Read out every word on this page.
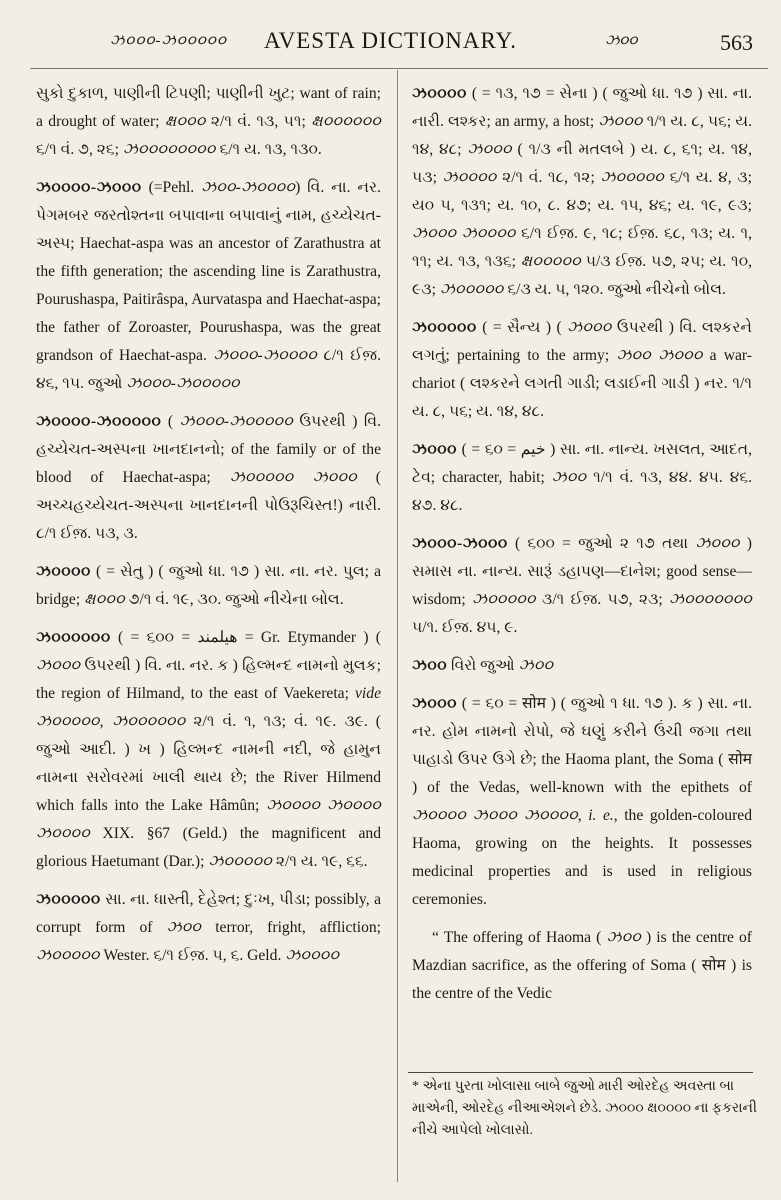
ઝ૦૦૦-ઝ૦૦૦૦૦	AVESTA DICTIONARY.	ઝ૦૦	563

સુકો દુકાળ, પાણીની ટિપણી; પાણીની ખુટ; want of rain; a drought of water; ક્ષ૦૦૦ ૨/૧ વં. ૧૩, ૫૧; ક્ષ૦૦૦૦૦૦ ૬/૧ વં. ૭, ૨૬; ઝ૦૦૦૦૦૦૦૦ ૬/૧ ય. ૧૩, ૧૩૦.

ઝ૦૦૦૦-ઝ૦૦૦ (=Pehl. ઝ૦૦-ઝ૦૦૦૦) વિ. ના. નર. પેગમબર જરતોશ્તના બપાવાના બપાવાનું નામ, હચ્યેચત-અસ્પ; Haechat-aspa was an ancestor of Zarathustra at the fifth generation; the ascending line is Zarathustra, Pourushaspa, Paitirâspa, Aurvataspa and Haechat-aspa; the father of Zoroaster, Pourushaspa, was the great grandson of Haechat-aspa. ઝ૦૦૦-ઝ૦૦૦૦ ૮/૧ ઈજ઼. ૪૬, ૧૫. જુઓ ઝ૦૦૦-ઝ૦૦૦૦૦

ઝ૦૦૦૦-ઝ૦૦૦૦૦ ( ઝ૦૦૦-ઝ૦૦૦૦૦ ઉપરથી ) વિ. હચ્યેચત-અસ્પના ખાનદાનનો; of the family or of the blood of Haechat-aspa; ઝ૦૦૦૦૦ ઝ૦૦૦ ( અચ્ચહચ્યેચત-અસ્પના ખાનદાનની પોઉરૂચિસ્ત!) નારી. ૮/૧ ઈજ઼. ૫૩, ૩.

ઝ૦૦૦૦ ( = સેતુ ) ( જુઓ ધા. ૧૭ ) સા. ના. નર. પુલ; a bridge; ક્ષ૦૦૦ ૭/૧ વં. ૧૯, ૩૦. જુઓ નીચેના બોલ.

ઝ૦૦૦૦૦૦ ( = ૬૦૦ = هیلمند = Gr. Etymander ) ( ઝ૦૦૦ ઉપરથી ) વિ. ના. નર. ક ) હિલ્મન્દ નામનો મુલક; the region of Hilmand, to the east of Vaekereta; vide ઝ૦૦૦૦૦, ઝ૦૦૦૦૦૦ ૨/૧ વં. ૧, ૧૩; વં. ૧૯. ૩૯. ( જુઓ આદી. ) ખ ) હિલ્મન્દ નામની નદી, જે હામુન નામના સરોવરમાં ખાલી થાય છે; the River Hilmend which falls into the Lake Hâmûn; ઝ૦૦૦૦ ઝ૦૦૦૦ ઝ૦૦૦૦ XIX. §67 (Geld.) the magnificent and glorious Haetumant (Dar.); ઝ૦૦૦૦૦ ૨/૧ ય. ૧૯, ૬૬.

ઝ૦૦૦૦૦ સા. ના. ધાસ્તી, દેહેશ્ત; દુઃખ, પીડા; possibly, a corrupt form of ઝ૦૦ terror, fright, affliction; ઝ૦૦૦૦૦ Wester. ૬/૧ ઈજ઼. ૫, ૬. Geld. ઝ૦૦૦૦

ઝ૦૦૦૦ ( = ૧૩, ૧૭ = સેના ) ( જુઓ ધા. ૧૭ ) સા. ના. નારી. લશ્કર; an army, a host; ઝ૦૦૦ ૧/૧ ય. ૮, ૫૬; ય. ૧૪, ૪૮; ઝ૦૦૦ ( ૧/૩ ની મતલબે ) ય. ૮, ૬૧; ય. ૧૪, ૫૩; ઝ૦૦૦૦ ૨/૧ વં. ૧૮, ૧૨; ઝ૦૦૦૦૦ ૬/૧ ય. ૪, ૩; ય૦ ૫, ૧૩૧; ય. ૧૦, ૮. ૪૭; ય. ૧૫, ૪૬; ય. ૧૯, ૯૩; ઝ૦૦૦ ઝ૦૦૦૦ ૬/૧ ઈજ઼. ૯, ૧૮; ઈજ઼. ૬૮, ૧૩; ય. ૧, ૧૧; ય. ૧૩, ૧૩૬; ક્ષ૦૦૦૦૦ ૫/૩ ઈજ઼. ૫૭, ૨૫; ય. ૧૦, ૯૩; ઝ૦૦૦૦૦ ૬/૩ ય. ૫, ૧૨૦. જુઓ નીચેનો બોલ.

ઝ૦૦૦૦૦ ( = સૈન્ય ) ( ઝ૦૦૦ ઉપરથી ) વિ. લશ્કરને લગતું; pertaining to the army; ઝ૦૦ ઝ૦૦૦ a war-chariot ( લશ્કરને લગતી ગાડી; લડાઈની ગાડી ) નર. ૧/૧ ય. ૮, ૫૬; ય. ૧૪, ૪૮.

ઝ૦૦૦ ( = ૬૦ = خیم ) સા. ના. નાન્ય. ખસલત, આદત, ટેવ; character, habit; ઝ૦૦ ૧/૧ વં. ૧૩, ૪૪. ૪૫. ૪૬. ૪૭. ૪૮.

ઝ૦૦૦-ઝ૦૦૦ ( ૬૦૦ = જુઓ ૨ ૧૭ તથા ઝ૦૦૦ ) સમાસ ના. નાન્ય. સારૂં ડહાપણ—દાનેશ; good sense—wisdom; ઝ૦૦૦૦૦ ૩/૧ ઈજ઼. ૫૭, ૨૩; ઝ૦૦૦૦૦૦૦ ૫/૧. ઈજ઼. ૪૫, ૯.

ઝ૦૦ વિરો જુઓ ઝ૦૦

ઝ૦૦૦ ( = ૬૦ = सोम ) ( જુઓ ૧ ધા. ૧૭ ). ક ) સા. ના. નર. હોમ નામનો રોપો, જે ઘણું કરીને ઉંચી જગા તથા પાહાડો ઉપર ઉગે છે; the Haoma plant, the Soma ( सोम ) of the Vedas, well-known with the epithets of ઝ૦૦૦૦ ઝ૦૦૦ ઝ૦૦૦૦, i. e., the golden-coloured Haoma, growing on the heights. It possesses medicinal properties and is used in religious ceremonies.

“ The offering of Haoma ( ઝ૦૦ ) is the centre of Mazdian sacrifice, as the offering of Soma ( सोम ) is the centre of the Vedic

* એના પુરતા ખોલાસા બાબે જુઓ મારી ઓરદેહ અવસ્તા બા માએની, ઓરદેહ નીઆએશને છેડે. ઝ૦૦૦ ક્ષ૦૦૦૦ ના ફકરાની નીચે આપેલો ખોલાસો.
